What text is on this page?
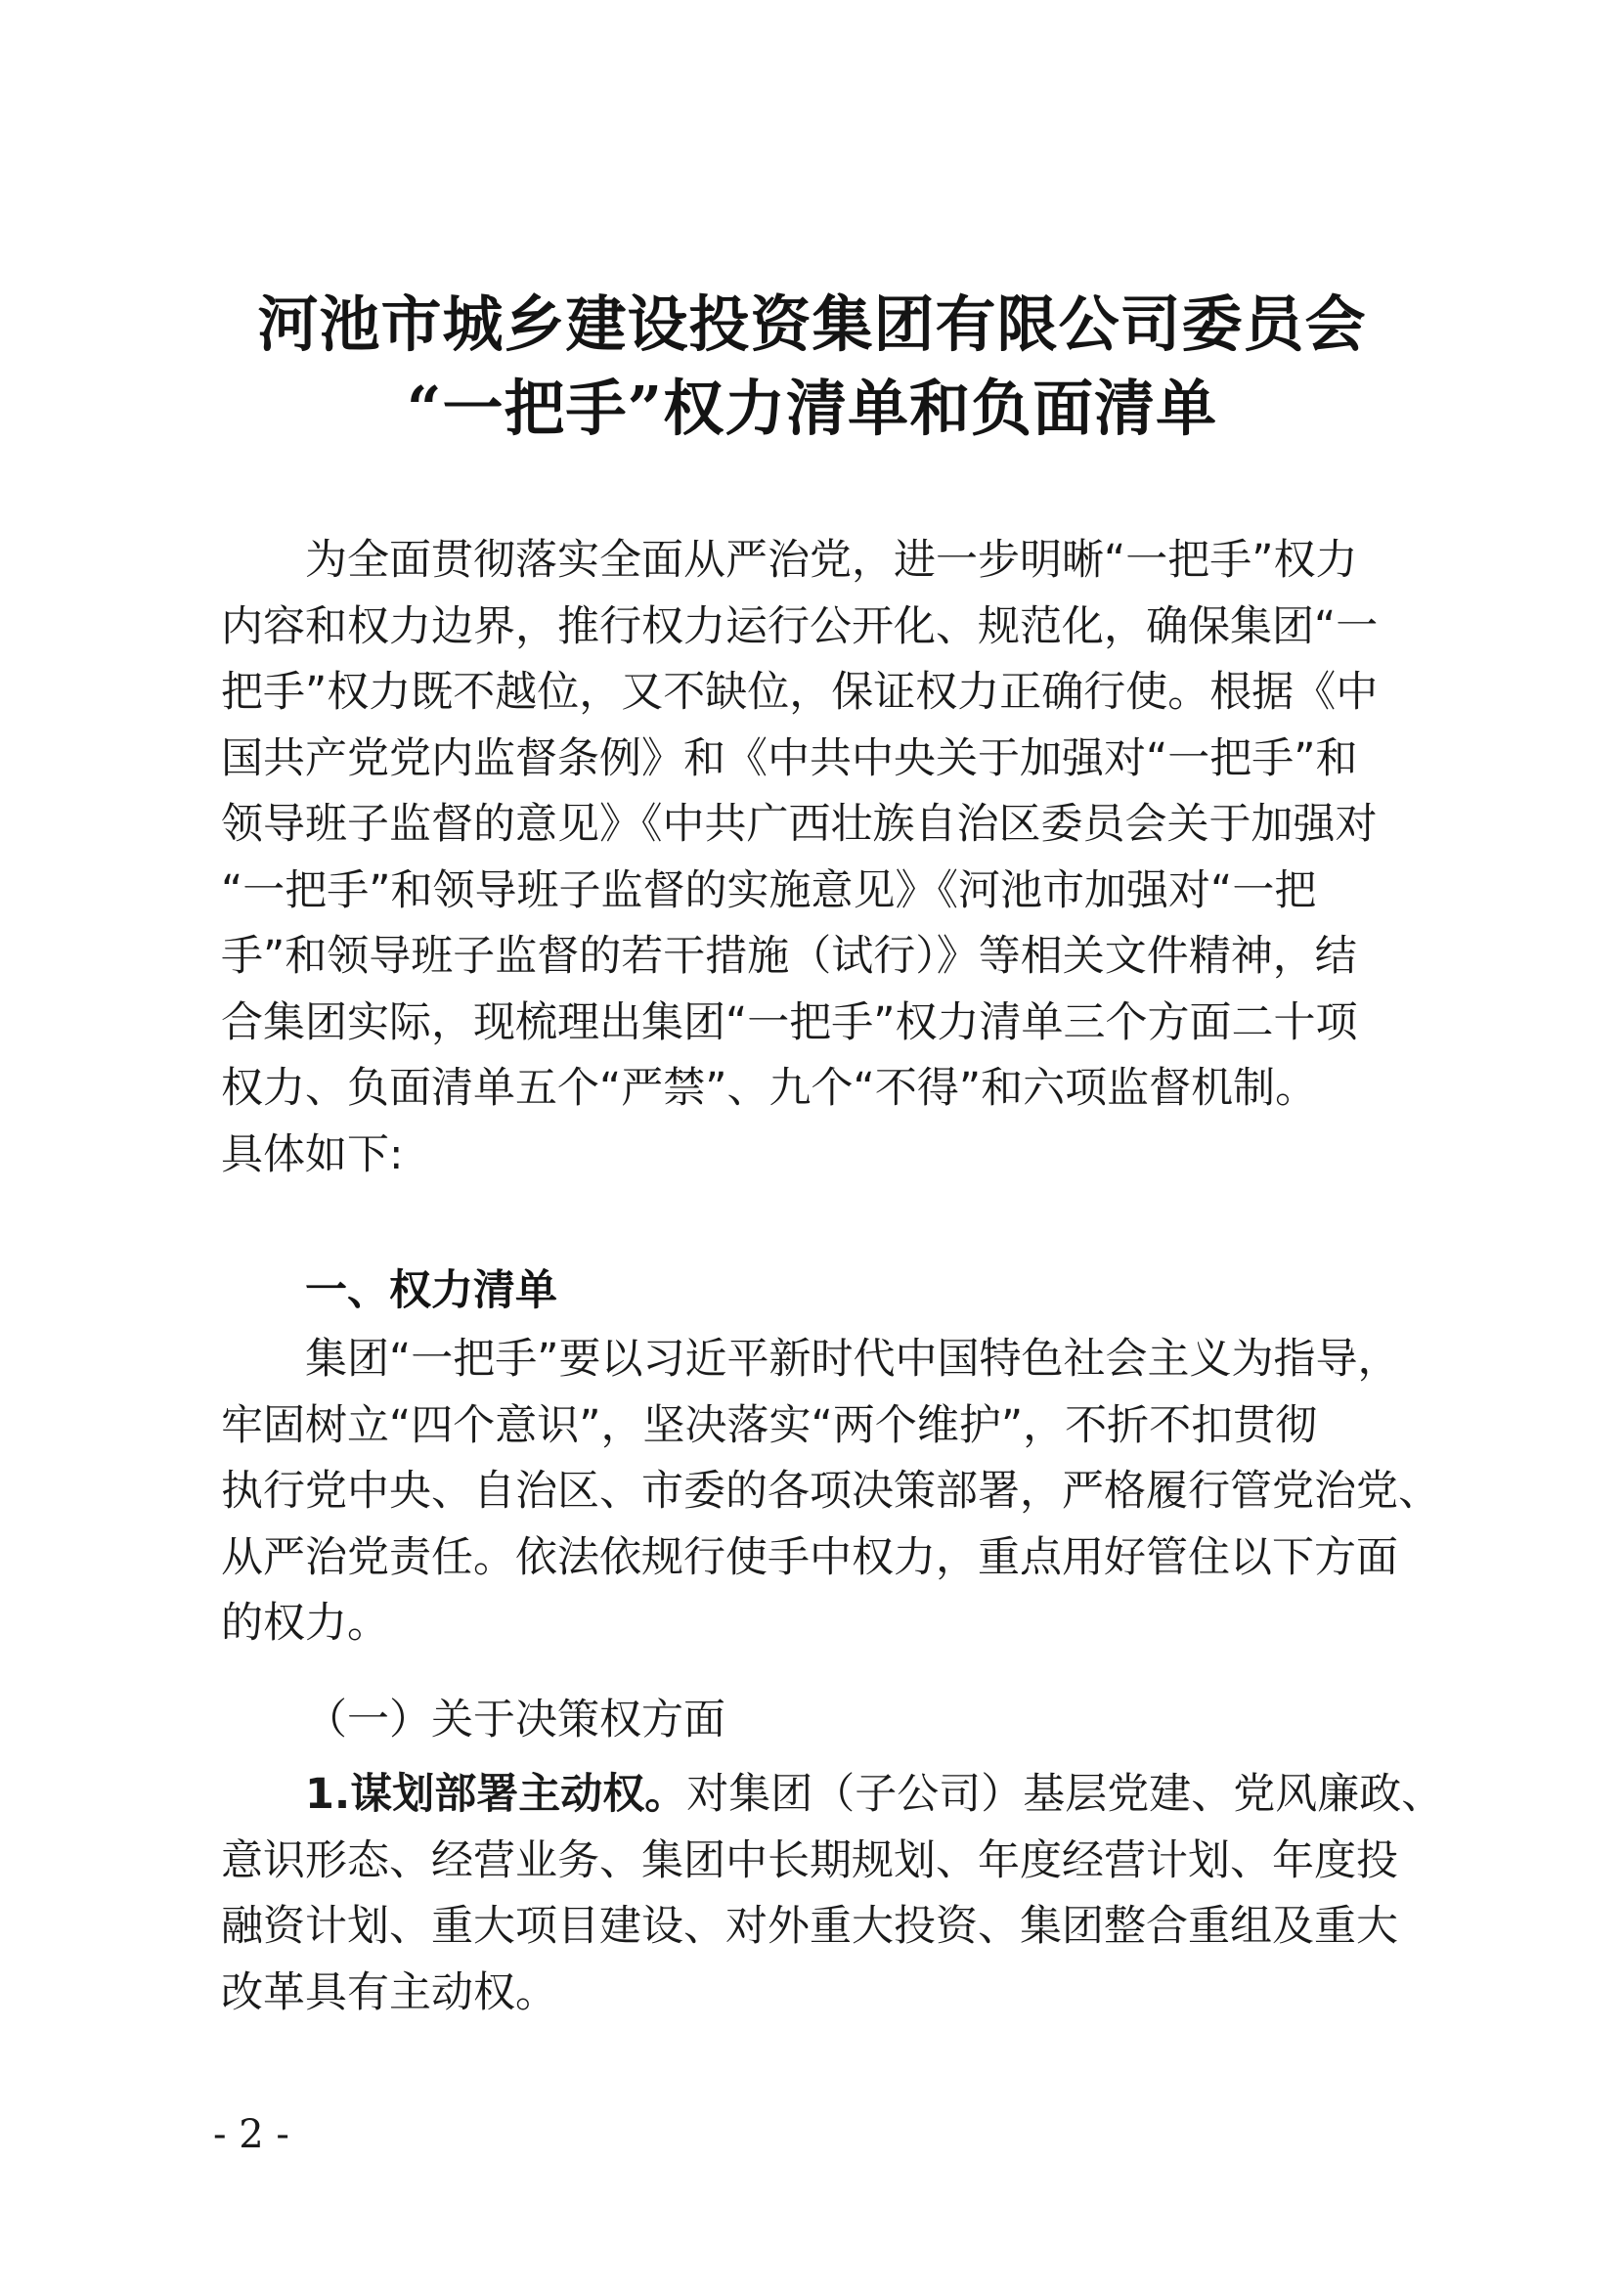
河池市城乡建设投资集团有限公司委员会
“一把手”权力清单和负面清单
为全面贯彻落实全面从严治党，进一步明晰“一把手”权力
内容和权力边界，推行权力运行公开化、规范化，确保集团“一
把手”权力既不越位，又不缺位，保证权力正确行使。根据《中
国共产党党内监督条例》和《中共中央关于加强对“一把手”和
领导班子监督的意见》《中共广西壮族自治区委员会关于加强对
“一把手”和领导班子监督的实施意见》《河池市加强对“一把
手”和领导班子监督的若干措施（试行）》等相关文件精神，结
合集团实际，现梳理出集团“一把手”权力清单三个方面二十项
权力、负面清单五个“严禁”、九个“不得”和六项监督机制。
具体如下:
一、权力清单
集团“一把手”要以习近平新时代中国特色社会主义为指导，
牢固树立“四个意识”，坚决落实“两个维护”，不折不扣贯彻
执行党中央、自治区、市委的各项决策部署，严格履行管党治党、
从严治党责任。依法依规行使手中权力，重点用好管住以下方面
的权力。
（一）关于决策权方面
1.谋划部署主动权。对集团（子公司）基层党建、党风廉政、
意识形态、经营业务、集团中长期规划、年度经营计划、年度投
融资计划、重大项目建设、对外重大投资、集团整合重组及重大
改革具有主动权。
- 2 -
